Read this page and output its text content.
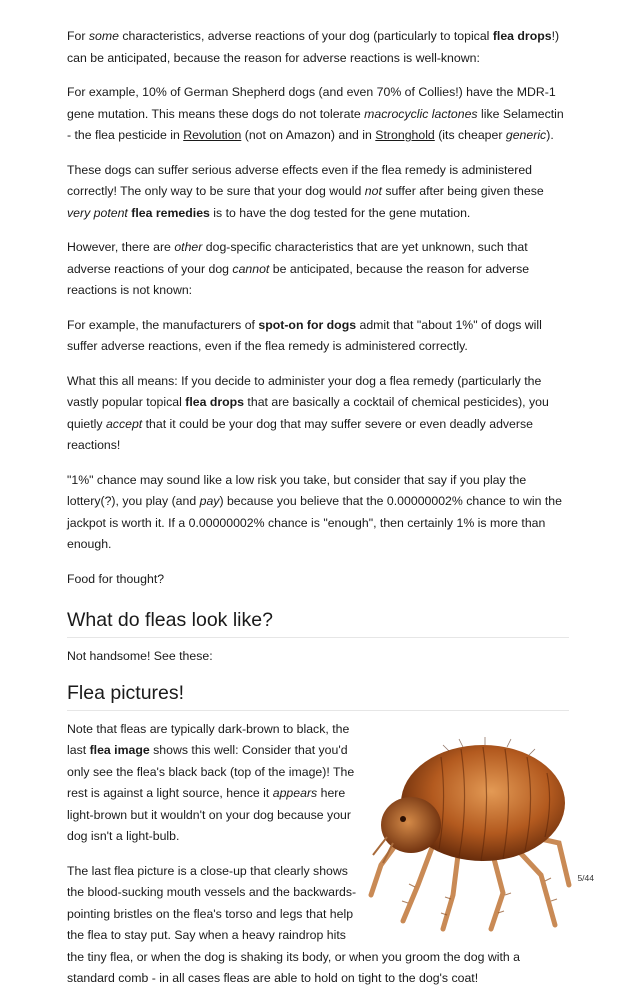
For some characteristics, adverse reactions of your dog (particularly to topical flea drops!) can be anticipated, because the reason for adverse reactions is well-known:

For example, 10% of German Shepherd dogs (and even 70% of Collies!) have the MDR-1 gene mutation. This means these dogs do not tolerate macrocyclic lactones like Selamectin - the flea pesticide in Revolution (not on Amazon) and in Stronghold (its cheaper generic).

These dogs can suffer serious adverse effects even if the flea remedy is administered correctly! The only way to be sure that your dog would not suffer after being given these very potent flea remedies is to have the dog tested for the gene mutation.

However, there are other dog-specific characteristics that are yet unknown, such that adverse reactions of your dog cannot be anticipated, because the reason for adverse reactions is not known:

For example, the manufacturers of spot-on for dogs admit that "about 1%" of dogs will suffer adverse reactions, even if the flea remedy is administered correctly.

What this all means: If you decide to administer your dog a flea remedy (particularly the vastly popular topical flea drops that are basically a cocktail of chemical pesticides), you quietly accept that it could be your dog that may suffer severe or even deadly adverse reactions!

"1%" chance may sound like a low risk you take, but consider that say if you play the lottery(?), you play (and pay) because you believe that the 0.00000002% chance to win the jackpot is worth it. If a 0.00000002% chance is "enough", then certainly 1% is more than enough.

Food for thought?

What do fleas look like?

Not handsome! See these:

Flea pictures!

Note that fleas are typically dark-brown to black, the last flea image shows this well: Consider that you'd only see the flea's black back (top of the image)! The rest is against a light source, hence it appears here light-brown but it wouldn't on your dog because your dog isn't a light-bulb.

The last flea picture is a close-up that clearly shows the blood-sucking mouth vessels and the backwards-pointing bristles on the flea's torso and legs that help the flea to stay put. Say when a heavy raindrop hits the tiny flea, or when the dog is shaking its body, or when you groom the dog with a standard comb - in all cases fleas are able to hold on tight to the dog's coat!

5/44
